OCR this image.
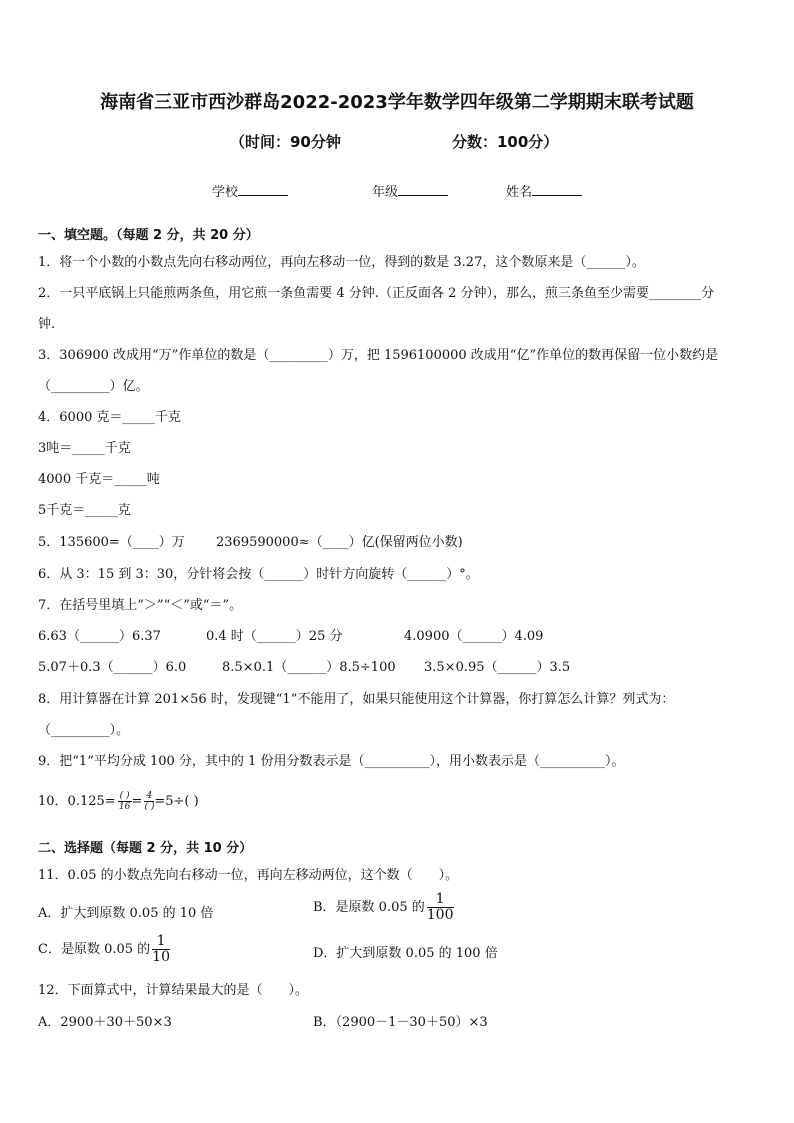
海南省三亚市西沙群岛2022-2023学年数学四年级第二学期期末联考试题
（时间：90分钟	分数：100分）
学校	年级	姓名
一、填空题。（每题 2 分，共 20 分）
1．将一个小数的小数点先向右移动两位，再向左移动一位，得到的数是 3.27，这个数原来是（______）。
2．一只平底锅上只能煎两条鱼，用它煎一条鱼需要 4 分钟.（正反面各 2 分钟），那么，煎三条鱼至少需要________分
钟.
3．306900 改成用“万”作单位的数是（_________）万，把 1596100000 改成用“亿”作单位的数再保留一位小数约是
（_________）亿。
4．6000 克＝_____千克
3吨＝_____千克
4000 千克＝_____吨
5千克＝_____克
5．135600=（____）万 2369590000≈（____）亿(保留两位小数)
6．从 3：15 到 3：30，分针将会按（______）时针方向旋转（______）°。
7．在括号里填上“＞”“＜”或“＝”。
6.63（______）6.37	0.4 时（______）25 分	4.0900（______）4.09
5.07＋0.3（______）6.0	8.5×0.1（______）8.5÷100 3.5×0.95（______）3.5
8．用计算器在计算 201×56 时，发现键“1”不能用了，如果只能使用这个计算器，你打算怎么计算？列式为：
（_________）。
9．把“1”平均分成 100 分，其中的 1 份用分数表示是（__________），用小数表示是（__________）。
10．$0.125= \frac{( )}{16} = \frac{4}{( )} =5\div$( )
二、选择题（每题 2 分，共 10 分）
11．0.05 的小数点先向右移动一位，再向左移动两位，这个数（　　）。
A．扩大到原数 0.05 的 10 倍	B．是原数 0.05 的 $\frac{1}{100}$
C．是原数 0.05 的 $\frac{1}{10}$	D．扩大到原数 0.05 的 100 倍
12．下面算式中，计算结果最大的是（　　）。
A．2900＋30＋50×3	B．（2900－1－30＋50）×3
